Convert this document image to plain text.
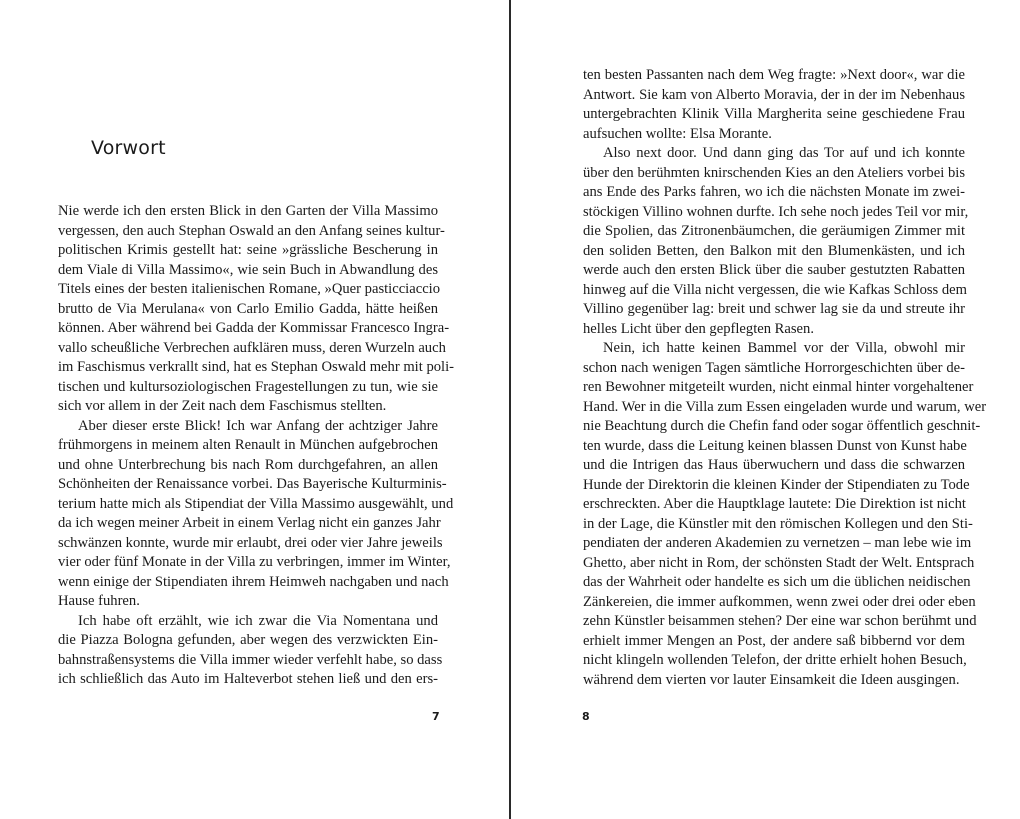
Vorwort
Nie werde ich den ersten Blick in den Garten der Villa Massimo
vergessen, den auch Stephan Oswald an den Anfang seines kultur-
politischen Krimis gestellt hat: seine »grässliche Bescherung in
dem Viale di Villa Massimo«, wie sein Buch in Abwandlung des
Titels eines der besten italienischen Romane, »Quer pasticciaccio
brutto de Via Merulana« von Carlo Emilio Gadda, hätte heißen
können. Aber während bei Gadda der Kommissar Francesco Ingra-
vallo scheußliche Verbrechen aufklären muss, deren Wurzeln auch
im Faschismus verkrallt sind, hat es Stephan Oswald mehr mit poli-
tischen und kultursoziologischen Fragestellungen zu tun, wie sie
sich vor allem in der Zeit nach dem Faschismus stellten.
Aber dieser erste Blick! Ich war Anfang der achtziger Jahre
frühmorgens in meinem alten Renault in München aufgebrochen
und ohne Unterbrechung bis nach Rom durchgefahren, an allen
Schönheiten der Renaissance vorbei. Das Bayerische Kulturminis-
terium hatte mich als Stipendiat der Villa Massimo ausgewählt, und
da ich wegen meiner Arbeit in einem Verlag nicht ein ganzes Jahr
schwänzen konnte, wurde mir erlaubt, drei oder vier Jahre jeweils
vier oder fünf Monate in der Villa zu verbringen, immer im Winter,
wenn einige der Stipendiaten ihrem Heimweh nachgaben und nach
Hause fuhren.
Ich habe oft erzählt, wie ich zwar die Via Nomentana und
die Piazza Bologna gefunden, aber wegen des verzwickten Ein-
bahnstraßensystems die Villa immer wieder verfehlt habe, so dass
ich schließlich das Auto im Halteverbot stehen ließ und den ers-

7

ten besten Passanten nach dem Weg fragte: »Next door«, war die
Antwort. Sie kam von Alberto Moravia, der in der im Nebenhaus
untergebrachten Klinik Villa Margherita seine geschiedene Frau
aufsuchen wollte: Elsa Morante.
Also next door. Und dann ging das Tor auf und ich konnte
über den berühmten knirschenden Kies an den Ateliers vorbei bis
ans Ende des Parks fahren, wo ich die nächsten Monate im zwei-
stöckigen Villino wohnen durfte. Ich sehe noch jedes Teil vor mir,
die Spolien, das Zitronenbäumchen, die geräumigen Zimmer mit
den soliden Betten, den Balkon mit den Blumenkästen, und ich
werde auch den ersten Blick über die sauber gestutzten Rabatten
hinweg auf die Villa nicht vergessen, die wie Kafkas Schloss dem
Villino gegenüber lag: breit und schwer lag sie da und streute ihr
helles Licht über den gepflegten Rasen.
Nein, ich hatte keinen Bammel vor der Villa, obwohl mir
schon nach wenigen Tagen sämtliche Horrorgeschichten über de-
ren Bewohner mitgeteilt wurden, nicht einmal hinter vorgehaltener
Hand. Wer in die Villa zum Essen eingeladen wurde und warum, wer
nie Beachtung durch die Chefin fand oder sogar öffentlich geschnit-
ten wurde, dass die Leitung keinen blassen Dunst von Kunst habe
und die Intrigen das Haus überwuchern und dass die schwarzen
Hunde der Direktorin die kleinen Kinder der Stipendiaten zu Tode
erschreckten. Aber die Hauptklage lautete: Die Direktion ist nicht
in der Lage, die Künstler mit den römischen Kollegen und den Sti-
pendiaten der anderen Akademien zu vernetzen – man lebe wie im
Ghetto, aber nicht in Rom, der schönsten Stadt der Welt. Entsprach
das der Wahrheit oder handelte es sich um die üblichen neidischen
Zänkereien, die immer aufkommen, wenn zwei oder drei oder eben
zehn Künstler beisammen stehen? Der eine war schon berühmt und
erhielt immer Mengen an Post, der andere saß bibbernd vor dem
nicht klingeln wollenden Telefon, der dritte erhielt hohen Besuch,
während dem vierten vor lauter Einsamkeit die Ideen ausgingen.

8
